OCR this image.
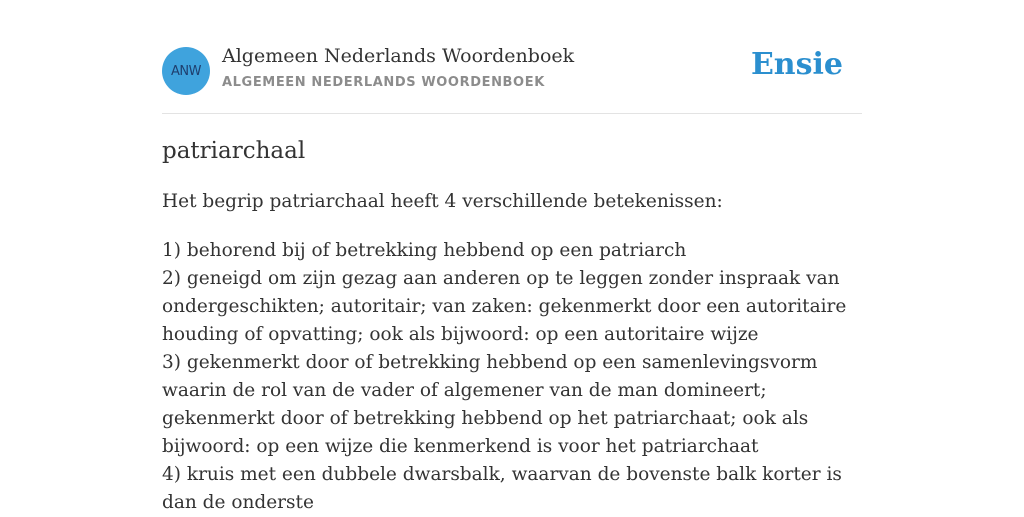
ANW
Algemeen Nederlands Woordenboek
ALGEMEEN NEDERLANDS WOORDENBOEK
Ensie
patriarchaal

Het begrip patriarchaal heeft 4 verschillende betekenissen:

1) behorend bij of betrekking hebbend op een patriarch

2) geneigd om zijn gezag aan anderen op te leggen zonder inspraak van ondergeschikten; autoritair; van zaken: gekenmerkt door een autoritaire houding of opvatting; ook als bijwoord: op een autoritaire wijze

3) gekenmerkt door of betrekking hebbend op een samenlevingsvorm waarin de rol van de vader of algemener van de man domineert; gekenmerkt door of betrekking hebbend op het patriarchaat; ook als bijwoord: op een wijze die kenmerkend is voor het patriarchaat

4) kruis met een dubbele dwarsbalk, waarvan de bovenste balk korter is dan de onderste
